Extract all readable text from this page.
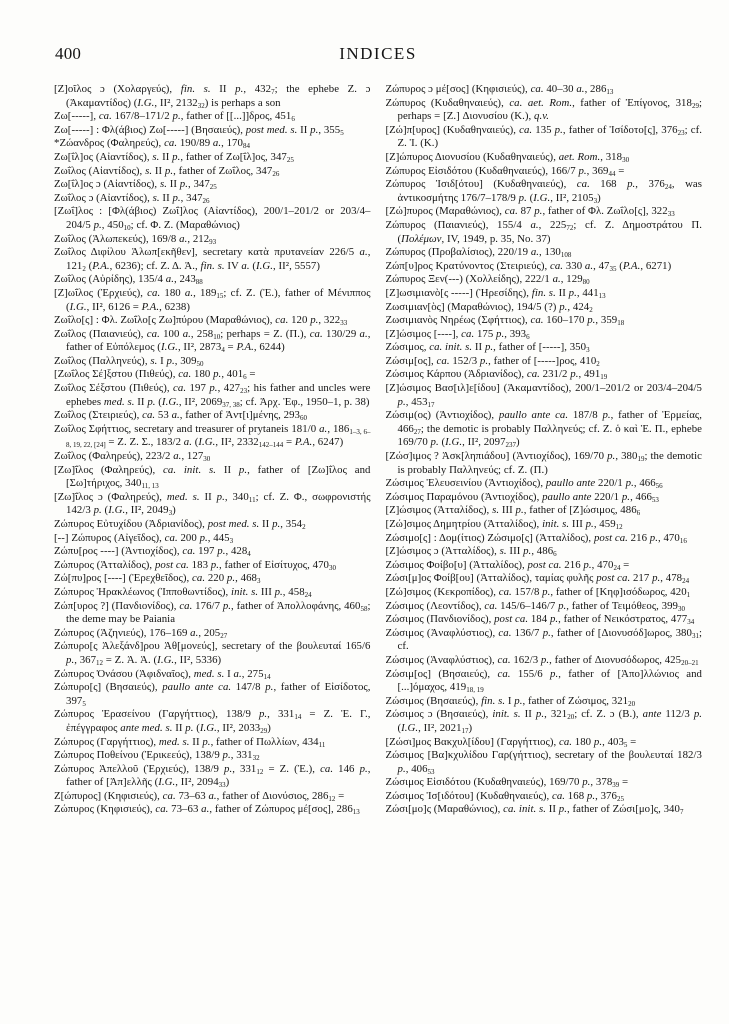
400	INDICES

[Ζ]οῖλος ɔ (Χολαργεύς), fin. s. II p., $432_7$; the ephebe Ζ. ɔ (Ἀκαμαντίδος) (I.G., II², $2132_{32}$) is perhaps a son

Ζω[-----], ca. 167/8–171/2 p., father of [[...]]δρος, $451_6$

Ζω[-----] : Φλ(άβιος) Ζω[-----] (Βησαιεύς), post med. s. II p., $355_5$

*Ζώανδρος (Φαληρεύς), ca. 190/89 a., $170_{84}$

Ζω[ΐλ]ος (Αἰαντίδος), s. II p., father of Ζω[ΐλ]ος, $347_{25}$

Ζωΐλος (Αἰαντίδος), s. II p., father of Ζωΐλος, $347_{26}$

Ζω[ΐλ]ος ɔ (Αἰαντίδος), s. II p., $347_{25}$

Ζωΐλος ɔ (Αἰαντίδος), s. II p., $347_{26}$

[Ζωΐ]λος : [Φλ(άβιος) Ζωΐ]λος (Αἰαντίδος), 200/1–201/2 or 203/4–204/5 p., $450_{10}$; cf. Φ. Ζ. (Μαραθώνιος)

Ζωΐλος (Ἀλωπεκεύς), 169/8 a., $212_{93}$

Ζωΐλος Διφίλου Ἀλωπ[εκῆθεν], secretary κατὰ πρυτανείαν 226/5 a., $121_2$ (P.A., 6236); cf. Ζ. Δ. Ἀ., fin. s. IV a. (I.G., II², 5557)

Ζωΐλος (Αὐρίδης), 135/4 a., $243_{88}$

[Ζ]ωΐλος (Ἐρχιεύς), ca. 180 a., $189_{15}$; cf. Ζ. (Ἐ.), father of Μένιππος (I.G., II², 6126 = P.A., 6238)

Ζωΐλο[ς] : Φλ. Ζωΐλο[ς Ζω]πύρου (Μαραθώνιος), ca. 120 p., $322_{33}$

Ζωΐλος (Παιανιεύς), ca. 100 a., $258_{10}$; perhaps = Ζ. (Π.), ca. 130/29 a., father of Εὐπόλεμος (I.G., II², $2873_4 = P.A$., 6244)

Ζωΐλος (Παλληνεύς), s. I p., $309_{50}$

[Ζωΐλος Σέ]ξστου (Πιθεύς), ca. 180 p., $401_6$ =

Ζωΐλος Σέξστου (Πιθεύς), ca. 197 p., $427_{23}$; his father and uncles were ephebes med. s. II p. (I.G., II², $2069_{37, 38}$; cf. Ἀρχ. Ἐφ., 1950–1, p. 38)

Ζωΐλος (Στειριεύς), ca. 53 a., father of Ἀντ[ι]μένης, $293_{60}$

Ζωΐλος Σφήττιος, secretary and treasurer of prytaneis 181/0 a., $186_{1-3, 6-8, 19, 22, [24]} = Z$. Ζ. Σ., 183/2 a. (I.G., II², $2332_{142-144} = P.A$., 6247)

Ζωΐλος (Φαληρεύς), 223/2 a., $127_{30}$

[Ζω]ΐλος (Φαληρεύς), ca. init. s. II p., father of [Ζω]ΐλος and [Σω]τήριχος, $340_{11, 13}$

[Ζω]ΐλος ɔ (Φαληρεύς), med. s. II p., $340_{11}$; cf. Ζ. Φ., σωφρονιστής 142/3 p. (I.G., II², $2049_3$)

Ζώπυρος Εὐτυχίδου (Ἀδριανίδος), post med. s. II p., $354_2$

[--] Ζώπυρος (Αἰγεῖδος), ca. 200 p., $445_3$

Ζώπυ[ρος ----] (Ἀντιοχίδος), ca. 197 p., $428_4$

Ζώπυρος (Ἀτταλίδος), post ca. 183 p., father of Εἰσίτυχος, $470_{30}$

Ζώ[πυ]ρος [----] (Ἐρεχθεῖδος), ca. 220 p., $468_3$

Ζώπυρος Ἡρακλέωνος (Ἱπποθωντίδος), init. s. III p., $458_{24}$

Ζώπ[υρος ?] (Πανδιονίδος), ca. 176/7 p., father of Ἀπολλοφάνης, $460_{58}$; the deme may be Paiania

Ζώπυρος (Ἀζηνιεύς), 176–169 a., $205_{27}$

Ζώπυρο[ς Ἀλεξάνδ]ρου Ἀθ[μονεύς], secretary of the βουλευταί 165/6 p., $367_{12} = Z$. Ἀ. Ἀ. (I.G., II², 5336)

Ζώπυρος Ὀνάσου (Ἀφιδναῖος), med. s. I a., $275_{14}$

Ζώπυρο[ς] (Βησαιεύς), paullo ante ca. 147/8 p., father of Εἰσίδοτος, $397_5$

Ζώπυρος Ἐρασείνου (Γαργήττιος), 138/9 p., $331_{14} = Z$. Ἐ. Γ., ἐπέγγραφος ante med. s. II p. (I.G., II², $2033_{29}$)

Ζώπυρος (Γαργήττιος), med. s. II p., father of Πωλλίων, $434_{11}$

Ζώπυρος Ποθείνου (Ἐρικεεύς), 138/9 p., $331_{32}$

Ζώπυρος Ἀπελλοῦ (Ἐρχιεύς), 138/9 p., $331_{12} = Z$. (Ἐ.), ca. 146 p., father of [Ἀπ]ελλῆς (I.G., II², $2094_{33}$)

Ζ[ώπυρος] (Κηφισιεύς), ca. 73–63 a., father of Διονύσιος, $286_{12}$ =

Ζώπυρος (Κηφισιεύς), ca. 73–63 a., father of Ζώπυρος μέ[σος], $286_{13}$

Ζώπυρος ɔ μέ[σος] (Κηφισιεύς), ca. 40–30 a., $286_{13}$

Ζώπυρος (Κυδαθηναιεύς), ca. aet. Rom., father of Ἐπίγονος, $318_{29}$; perhaps = [Ζ.] Διονυσίου (Κ.), q.v.

[Ζώ]π[υρος] (Κυδαθηναιεύς), ca. 135 p., father of Ἰσίδοτο[ς], $376_{23}$; cf. Ζ. Ἰ. (Κ.)

[Ζ]ώπυρος Διονυσίου (Κυδαθηναιεύς), aet. Rom., $318_{30}$

Ζώπυρος Εἰσιδότου (Κυδαθηναιεύς), 166/7 p., $369_{44}$ =

Ζώπυρος Ἰσιδ[ότου] (Κυδαθηναιεύς), ca. 168 p., $376_{24}$, was ἀντικοσμήτης 176/7–178/9 p. (I.G., II², $2105_3$)

[Ζώ]πυρος (Μαραθώνιος), ca. 87 p., father of Φλ. Ζωΐλο[ς], $322_{33}$

Ζώπυρος (Παιανιεύς), 155/4 a., $225_{72}$; cf. Ζ. Δημοστράτου Π. (Πολέμων, IV, 1949, p. 35, No. 37)

Ζώπυρος (Προβαλίσιος), 220/19 a., $130_{108}$

Ζώπ[υ]ρος Κρατύνοντος (Στειριεύς), ca. 330 a., $47_{35}$ (P.A., 6271)

Ζώπυρος Ξεν(---) (Χολλείδης), 222/1 a., $129_{80}$

[Ζ]ωσιμιανὸ[ς -----] (Ἡρεσίδης), fin. s. II p., $441_{13}$

Ζωσιμιαν[ὸς] (Μαραθώνιος), 194/5 (?) p., $424_2$

Ζωσιμιανὸς Νηρέως (Σφήττιος), ca. 160–170 p., $359_{18}$

[Ζ]ώσιμος [----], ca. 175 p., $393_6$

Ζώσιμος, ca. init. s. II p., father of [-----], $350_3$

Ζώσιμ[ος], ca. 152/3 p., father of [-----]ρος, $410_2$

Ζώσιμος Κάρπου (Ἀδριανίδος), ca. 231/2 p., $491_{19}$

[Ζ]ώσιμος Βασ[ιλ]ε[ίδου] (Ἀκαμαντίδος), 200/1–201/2 or 203/4–204/5 p., $453_{17}$

Ζώσιμ(ος) (Ἀντιοχίδος), paullo ante ca. 187/8 p., father of Ἑρμείας, $466_{27}$; the demotic is probably Παλληνεύς; cf. Ζ. ὁ καὶ Ἑ. Π., ephebe 169/70 p. (I.G., II², $2097_{237}$)

[Ζώσ]ιμος ? Ἀσκ[ληπιάδου] (Ἀντιοχίδος), 169/70 p., $380_{19}$; the demotic is probably Παλληνεύς; cf. Ζ. (Π.)

Ζώσιμος Ἐλευσεινίου (Ἀντιοχίδος), paullo ante 220/1 p., $466_{56}$

Ζώσιμος Παραμόνου (Ἀντιοχίδος), paullo ante 220/1 p., $466_{53}$

[Ζ]ώσιμος (Ἀτταλίδος), s. III p., father of [Ζ]ώσιμος, $486_6$

[Ζώ]σιμος Δημητρίου (Ἀτταλίδος), init. s. III p., $459_{12}$

Ζώσιμο[ς] : Δομ(ίτιος) Ζώσιμο[ς] (Ἀτταλίδος), post ca. 216 p., $470_{16}$

[Ζ]ώσιμος ɔ (Ἀτταλίδος), s. III p., $486_6$

Ζώσιμος Φοίβο[υ] (Ἀτταλίδος), post ca. 216 p., $470_{24}$ =

Ζώσι[μ]ος Φοίβ[ου] (Ἀτταλίδος), ταμίας φυλῆς post ca. 217 p., $478_{24}$

[Ζώ]σιμος (Κεκροπίδος), ca. 157/8 p., father of [Κηφ]ισόδωρος, $420_1$

Ζώσιμος (Λεοντίδος), ca. 145/6–146/7 p., father of Τειμόθεος, $399_{30}$

Ζώσιμος (Πανδιονίδος), post ca. 184 p., father of Νεικόστρατος, $477_{34}$

Ζώσιμος (Ἀναφλύστιος), ca. 136/7 p., father of [Διονυσόδ]ωρος, $380_{31}$; cf.

Ζώσιμος (Ἀναφλύστιος), ca. 162/3 p., father of Διονυσόδωρος, $425_{20-21}$

Ζώσιμ[ος] (Βησαιεύς), ca. 155/6 p., father of [Ἀπο]λλώνιος and [...]όμαχος, $419_{18, 19}$

Ζώσιμος (Βησαιεύς), fin. s. I p., father of Ζώσιμος, $321_{20}$

Ζώσιμος ɔ (Βησαιεύς), init. s. II p., $321_{20}$; cf. Ζ. ɔ (Β.), ante 112/3 p. (I.G., II², $2021_{17}$)

[Ζώσι]μος Βακχυλ[ίδου] (Γαργήττιος), ca. 180 p., $403_5$ =

Ζώσιμος [Βα]κχυλίδου Γαρ(γήττιος), secretary of the βουλευταί 182/3 p., $406_{53}$

Ζώσιμος Εἰσιδότου (Κυδαθηναιεύς), 169/70 p., $378_{39}$ =

Ζώσιμος Ἰσ[ιδότου] (Κυδαθηναιεύς), ca. 168 p., $376_{25}$

Ζώσι[μο]ς (Μαραθώνιος), ca. init. s. II p., father of Ζώσι[μο]ς, $340_7$
